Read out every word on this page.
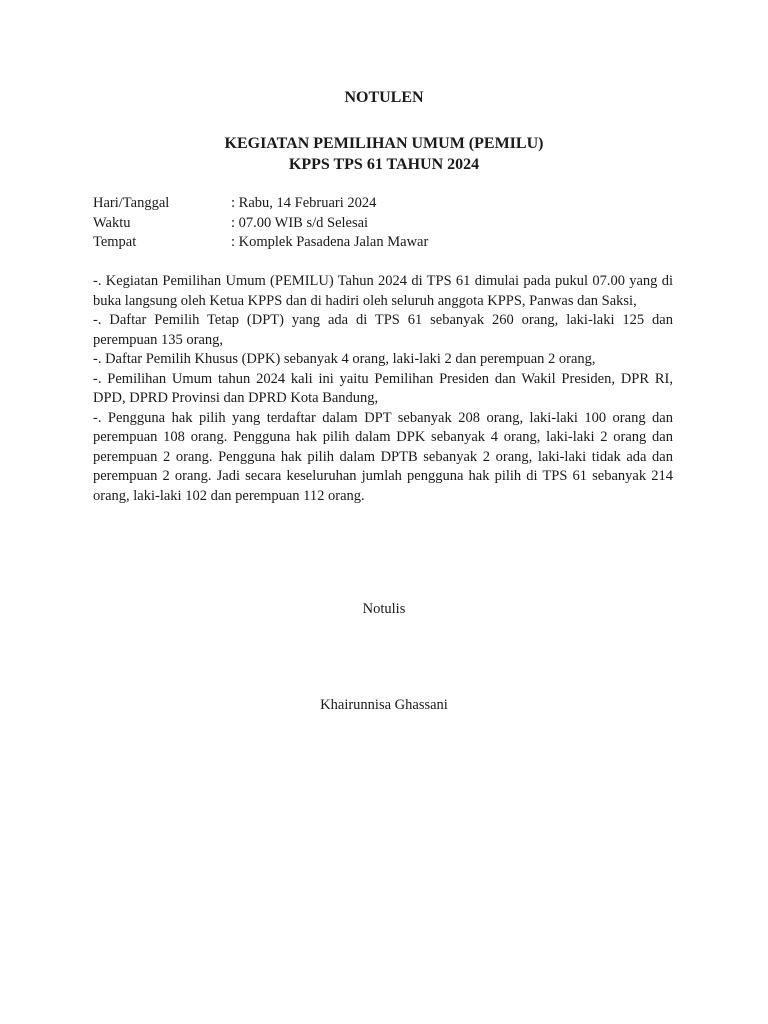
NOTULEN
KEGIATAN PEMILIHAN UMUM (PEMILU)
KPPS TPS 61 TAHUN 2024
Hari/Tanggal	: Rabu, 14 Februari 2024
Waktu	: 07.00 WIB s/d Selesai
Tempat	: Komplek Pasadena Jalan Mawar

-. Kegiatan Pemilihan Umum (PEMILU) Tahun 2024 di TPS 61 dimulai pada pukul 07.00 yang di buka langsung oleh Ketua KPPS dan di hadiri oleh seluruh anggota KPPS, Panwas dan Saksi,

-. Daftar Pemilih Tetap (DPT) yang ada di TPS 61 sebanyak 260 orang, laki-laki 125 dan perempuan 135 orang,

-. Daftar Pemilih Khusus (DPK) sebanyak 4 orang, laki-laki 2 dan perempuan 2 orang,

-. Pemilihan Umum tahun 2024 kali ini yaitu Pemilihan Presiden dan Wakil Presiden, DPR RI, DPD, DPRD Provinsi dan DPRD Kota Bandung,

-. Pengguna hak pilih yang terdaftar dalam DPT sebanyak 208 orang, laki-laki 100 orang dan perempuan 108 orang. Pengguna hak pilih dalam DPK sebanyak 4 orang, laki-laki 2 orang dan perempuan 2 orang. Pengguna hak pilih dalam DPTB sebanyak 2 orang, laki-laki tidak ada dan perempuan 2 orang. Jadi secara keseluruhan jumlah pengguna hak pilih di TPS 61 sebanyak 214 orang, laki-laki 102 dan perempuan 112 orang.

Notulis
Khairunnisa Ghassani
